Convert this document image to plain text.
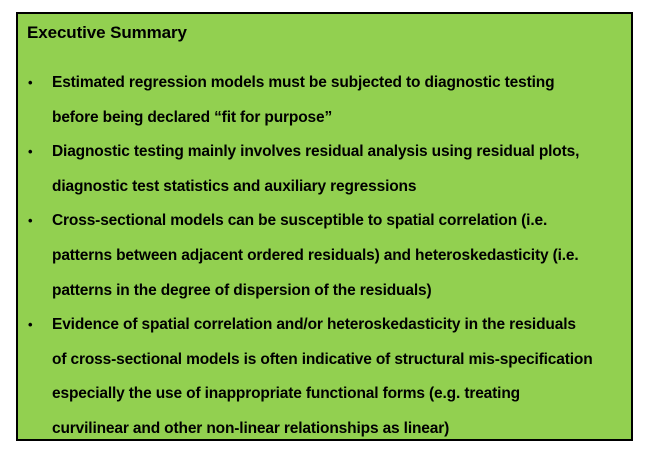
Executive Summary
• Estimated regression models must be subjected to diagnostic testing
before being declared “fit for purpose”
• Diagnostic testing mainly involves residual analysis using residual plots,
diagnostic test statistics and auxiliary regressions
• Cross-sectional models can be susceptible to spatial correlation (i.e.
patterns between adjacent ordered residuals) and heteroskedasticity (i.e.
patterns in the degree of dispersion of the residuals)
• Evidence of spatial correlation and/or heteroskedasticity in the residuals
of cross-sectional models is often indicative of structural mis-specification
especially the use of inappropriate functional forms (e.g. treating
curvilinear and other non-linear relationships as linear)
